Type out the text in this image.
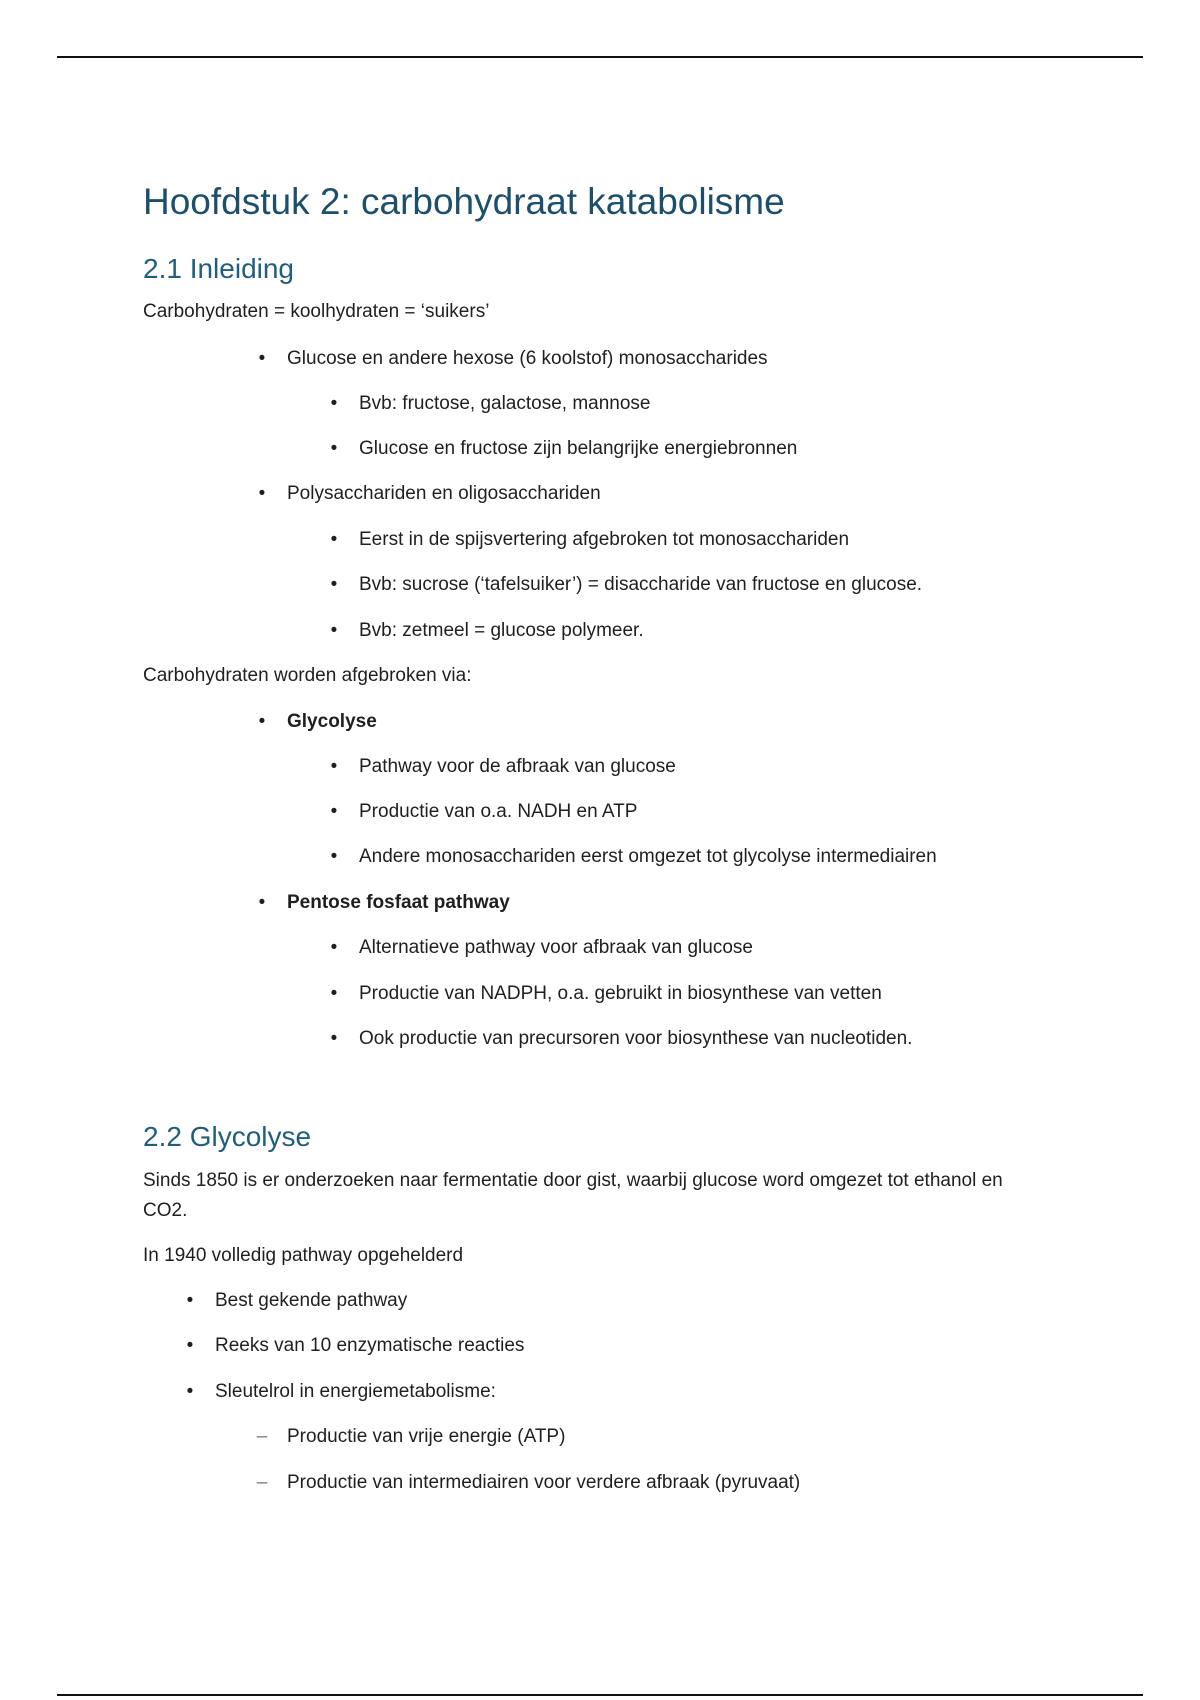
Hoofdstuk 2: carbohydraat katabolisme
2.1 Inleiding

Carbohydraten = koolhydraten = ‘suikers’

• Glucose en andere hexose (6 koolstof) monosaccharides
• Bvb: fructose, galactose, mannose
• Glucose en fructose zijn belangrijke energiebronnen
• Polysacchariden en oligosacchariden
• Eerst in de spijsvertering afgebroken tot monosacchariden
• Bvb: sucrose (‘tafelsuiker’) = disaccharide van fructose en glucose.
• Bvb: zetmeel = glucose polymeer.

Carbohydraten worden afgebroken via:

• Glycolyse
• Pathway voor de afbraak van glucose
• Productie van o.a. NADH en ATP
• Andere monosacchariden eerst omgezet tot glycolyse intermediairen
• Pentose fosfaat pathway
• Alternatieve pathway voor afbraak van glucose
• Productie van NADPH, o.a. gebruikt in biosynthese van vetten
• Ook productie van precursoren voor biosynthese van nucleotiden.
2.2 Glycolyse

Sinds 1850 is er onderzoeken naar fermentatie door gist, waarbij glucose word omgezet tot ethanol en CO2.

In 1940 volledig pathway opgehelderd

• Best gekende pathway
• Reeks van 10 enzymatische reacties
• Sleutelrol in energiemetabolisme:
– Productie van vrije energie (ATP)
– Productie van intermediairen voor verdere afbraak (pyruvaat)
